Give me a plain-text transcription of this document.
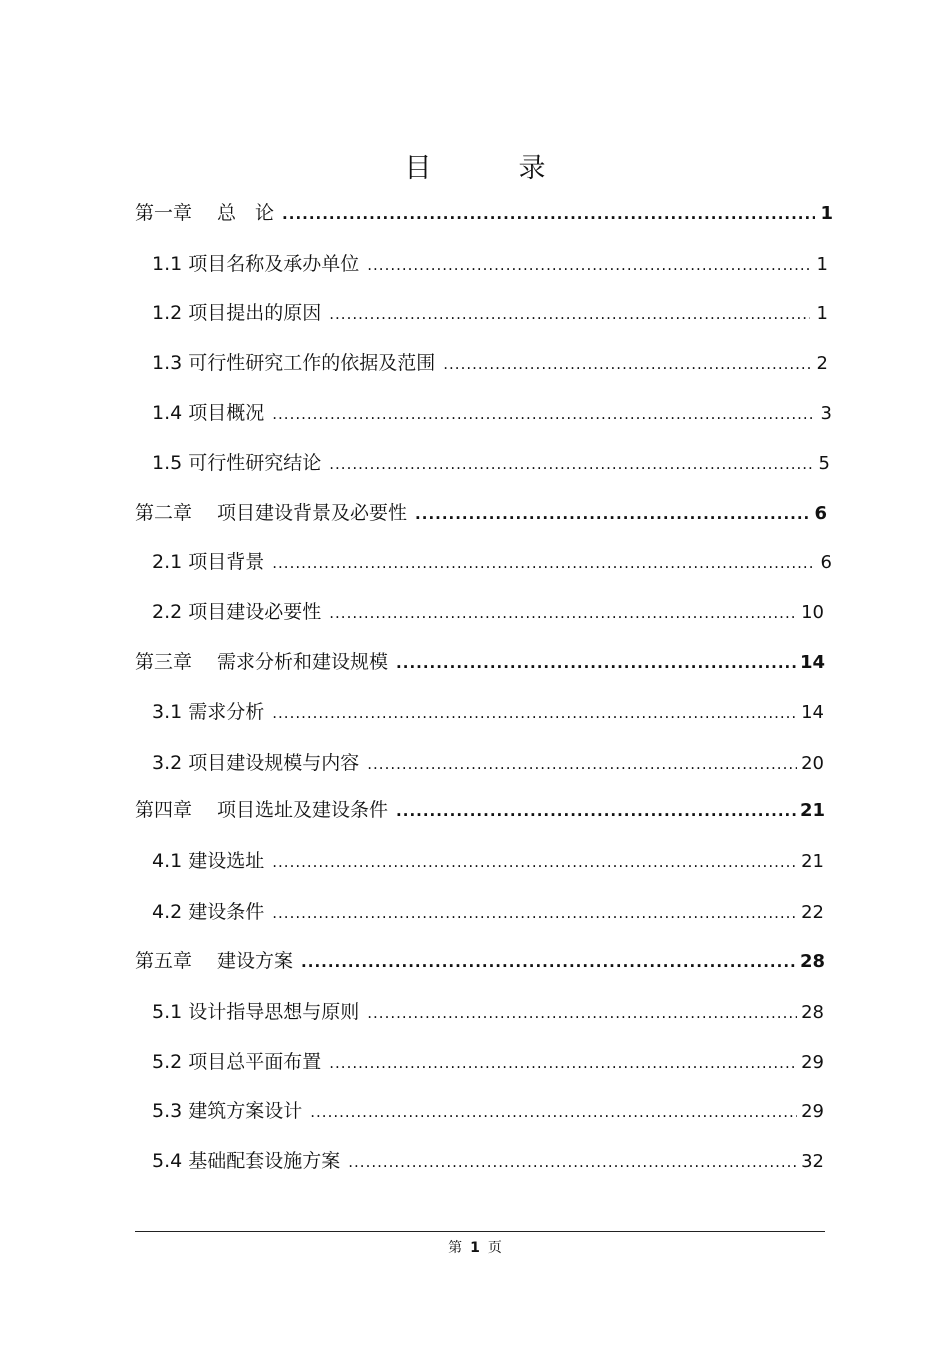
目　录
第一章　 总　论 .....	1
1.1 项目名称及承办单位 .....	1
1.2 项目提出的原因 .....	1
1.3 可行性研究工作的依据及范围 .....	2
1.4 项目概况 .....	3
1.5 可行性研究结论 .....	5
第二章　 项目建设背景及必要性 .....	6
2.1 项目背景 .....	6
2.2 项目建设必要性 .....	10
第三章　 需求分析和建设规模 .....	14
3.1 需求分析 .....	14
3.2 项目建设规模与内容 .....	20
第四章　 项目选址及建设条件 .....	21
4.1 建设选址 .....	21
4.2 建设条件 .....	22
第五章　 建设方案 .....	28
5.1 设计指导思想与原则 .....	28
5.2 项目总平面布置 .....	29
5.3 建筑方案设计 .....	29
5.4 基础配套设施方案 .....	32
第 1 页
